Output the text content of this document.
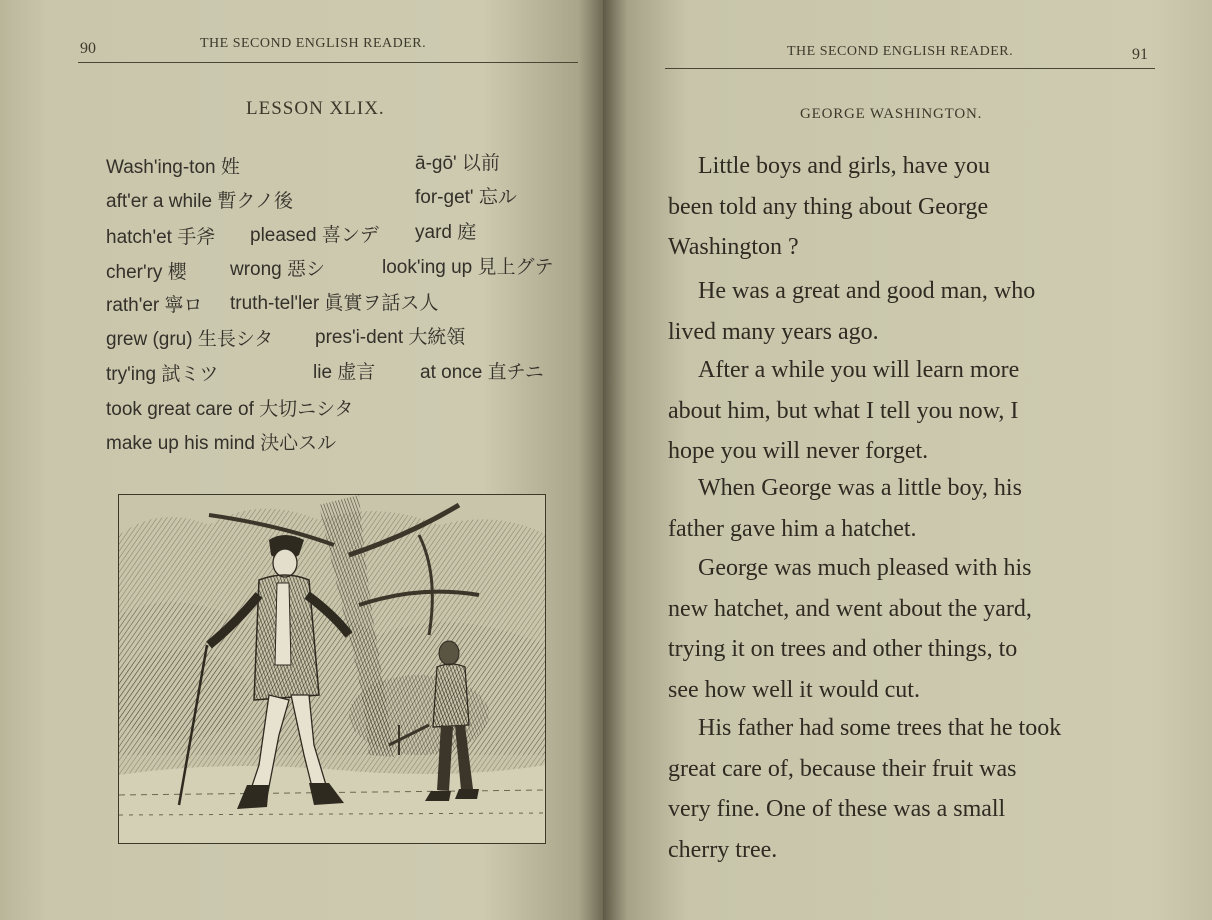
90	THE SECOND ENGLISH READER.
LESSON XLIX.
Wash'ing-ton 姓	ā-gō' 以前
aft'er a while 暫クノ後	for-get' 忘ル
hatch'et 手斧 pleased 喜ンデ yard 庭
cher'ry 櫻 wrong 惡シ	look'ing up 見上グテ
rath'er 寧ロ truth-tel'ler 眞實ヲ話ス人
grew (gru) 生長シタ pres'i-dent 大統領
try'ing 試ミツ	lie 虚言 at once 直チニ
took great care of 大切ニシタ
make up his mind 決心スル
THE SECOND ENGLISH READER.	91
GEORGE WASHINGTON.
Little boys and girls, have you
been told any thing about George
Washington ?
He was a great and good man, who
lived many years ago.
After a while you will learn more
about him, but what I tell you now, I
hope you will never forget.
When George was a little boy, his
father gave him a hatchet.
George was much pleased with his
new hatchet, and went about the yard,
trying it on trees and other things, to
see how well it would cut.
His father had some trees that he took
great care of, because their fruit was
very fine. One of these was a small
cherry tree.
